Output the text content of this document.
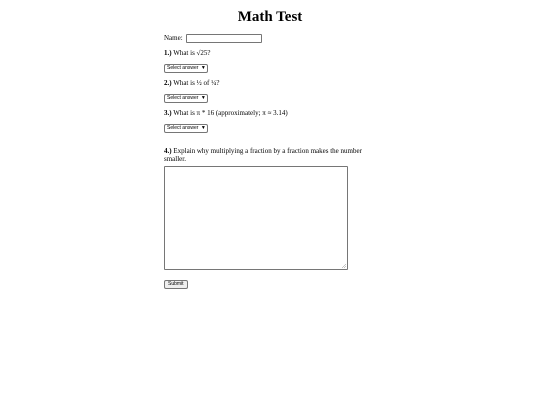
Math Test
Name:

1.) What is √25?

Select answer ▼

2.) What is ½ of ¼?

Select answer ▼

3.) What is π * 16 (approximately; π ≈ 3.14)

Select answer ▼

4.) Explain why multiplying a fraction by a fraction makes the number smaller.

Submit
